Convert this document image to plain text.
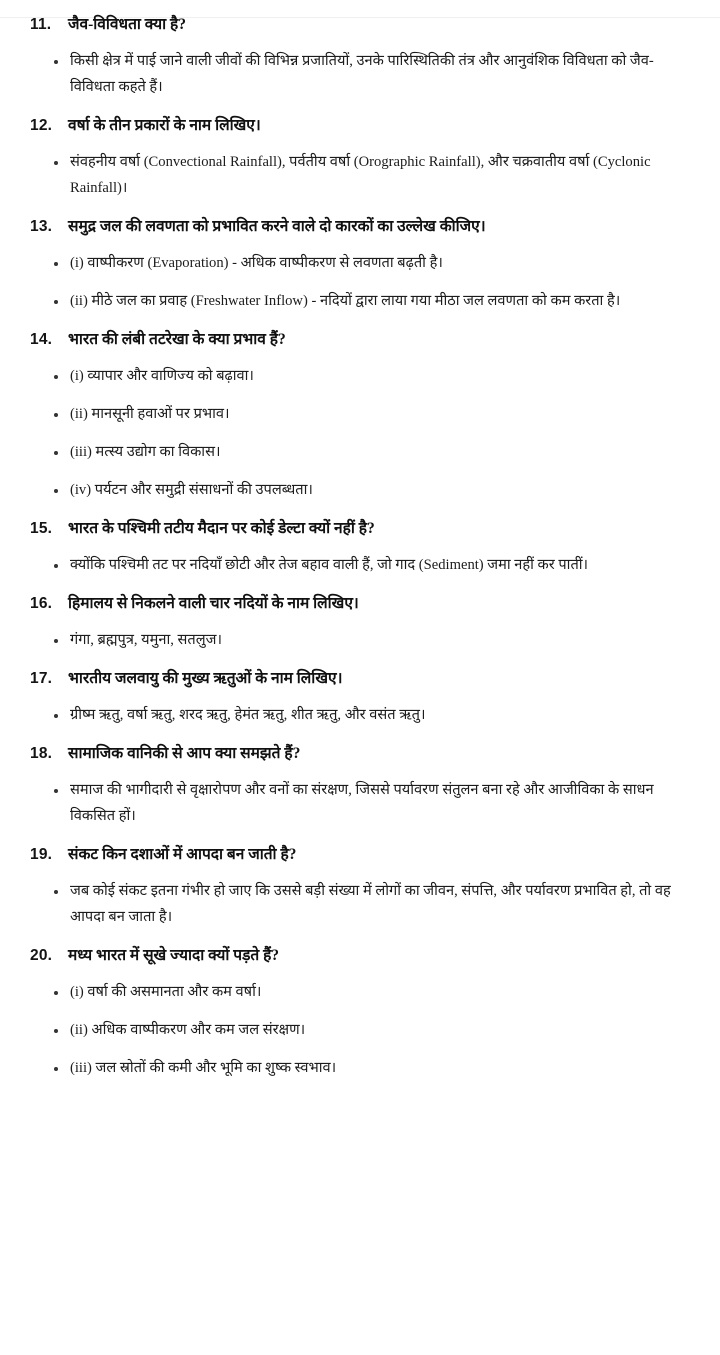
11.	जैव-विविधता क्या है?
किसी क्षेत्र में पाई जाने वाली जीवों की विभिन्न प्रजातियों, उनके पारिस्थितिकी तंत्र और आनुवंशिक विविधता को जैव-विविधता कहते हैं।
12.	वर्षा के तीन प्रकारों के नाम लिखिए।
संवहनीय वर्षा (Convectional Rainfall), पर्वतीय वर्षा (Orographic Rainfall), और चक्रवातीय वर्षा (Cyclonic Rainfall)।
13.	समुद्र जल की लवणता को प्रभावित करने वाले दो कारकों का उल्लेख कीजिए।
(i) वाष्पीकरण (Evaporation) - अधिक वाष्पीकरण से लवणता बढ़ती है।
(ii) मीठे जल का प्रवाह (Freshwater Inflow) - नदियों द्वारा लाया गया मीठा जल लवणता को कम करता है।
14.	भारत की लंबी तटरेखा के क्या प्रभाव हैं?
(i) व्यापार और वाणिज्य को बढ़ावा।
(ii) मानसूनी हवाओं पर प्रभाव।
(iii) मत्स्य उद्योग का विकास।
(iv) पर्यटन और समुद्री संसाधनों की उपलब्धता।
15.	भारत के पश्चिमी तटीय मैदान पर कोई डेल्टा क्यों नहीं है?
क्योंकि पश्चिमी तट पर नदियाँ छोटी और तेज बहाव वाली हैं, जो गाद (Sediment) जमा नहीं कर पातीं।
16.	हिमालय से निकलने वाली चार नदियों के नाम लिखिए।
गंगा, ब्रह्मपुत्र, यमुना, सतलुज।
17.	भारतीय जलवायु की मुख्य ऋतुओं के नाम लिखिए।
ग्रीष्म ऋतु, वर्षा ऋतु, शरद ऋतु, हेमंत ऋतु, शीत ऋतु, और वसंत ऋतु।
18.	सामाजिक वानिकी से आप क्या समझते हैं?
समाज की भागीदारी से वृक्षारोपण और वनों का संरक्षण, जिससे पर्यावरण संतुलन बना रहे और आजीविका के साधन विकसित हों।
19.	संकट किन दशाओं में आपदा बन जाती है?
जब कोई संकट इतना गंभीर हो जाए कि उससे बड़ी संख्या में लोगों का जीवन, संपत्ति, और पर्यावरण प्रभावित हो, तो वह आपदा बन जाता है।
20.	मध्य भारत में सूखे ज्यादा क्यों पड़ते हैं?
(i) वर्षा की असमानता और कम वर्षा।
(ii) अधिक वाष्पीकरण और कम जल संरक्षण।
(iii) जल स्रोतों की कमी और भूमि का शुष्क स्वभाव।
